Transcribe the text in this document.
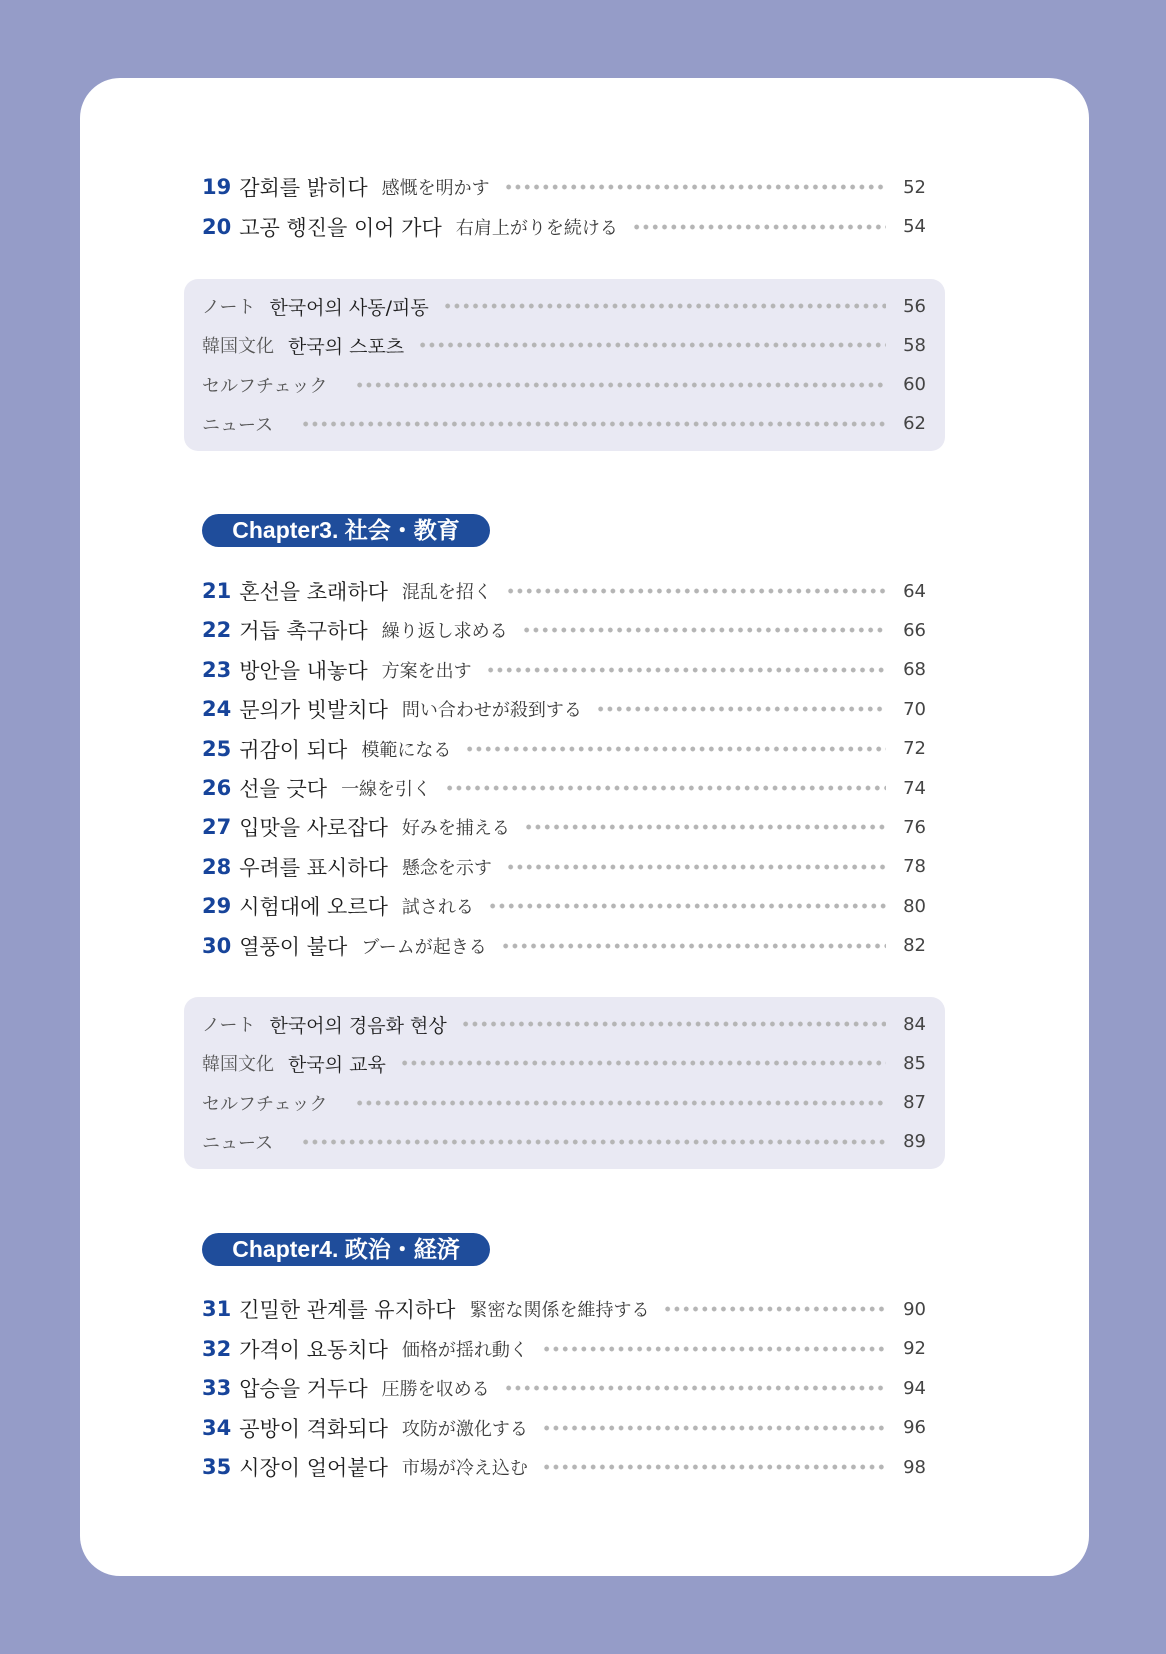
Chapter3. 社会・教育
Chapter4. 政治・経済
19 감회를 밝히다 感慨を明かす	52
20 고공 행진을 이어 가다 右肩上がりを続ける	54
ノート 한국어의 사동/피동	56
韓国文化 한국의 스포츠	58
セルフチェック	60
ニュース	62
21 혼선을 초래하다 混乱を招く	64
22 거듭 촉구하다 繰り返し求める	66
23 방안을 내놓다 方案を出す	68
24 문의가 빗발치다 問い合わせが殺到する	70
25 귀감이 되다 模範になる	72
26 선을 긋다 一線を引く	74
27 입맛을 사로잡다 好みを捕える	76
28 우려를 표시하다 懸念を示す	78
29 시험대에 오르다 試される	80
30 열풍이 불다 ブームが起きる	82
ノート 한국어의 경음화 현상	84
韓国文化 한국의 교육	85
セルフチェック	87
ニュース	89
31 긴밀한 관계를 유지하다 緊密な関係を維持する	90
32 가격이 요동치다 価格が揺れ動く	92
33 압승을 거두다 圧勝を収める	94
34 공방이 격화되다 攻防が激化する	96
35 시장이 얼어붙다 市場が冷え込む	98
